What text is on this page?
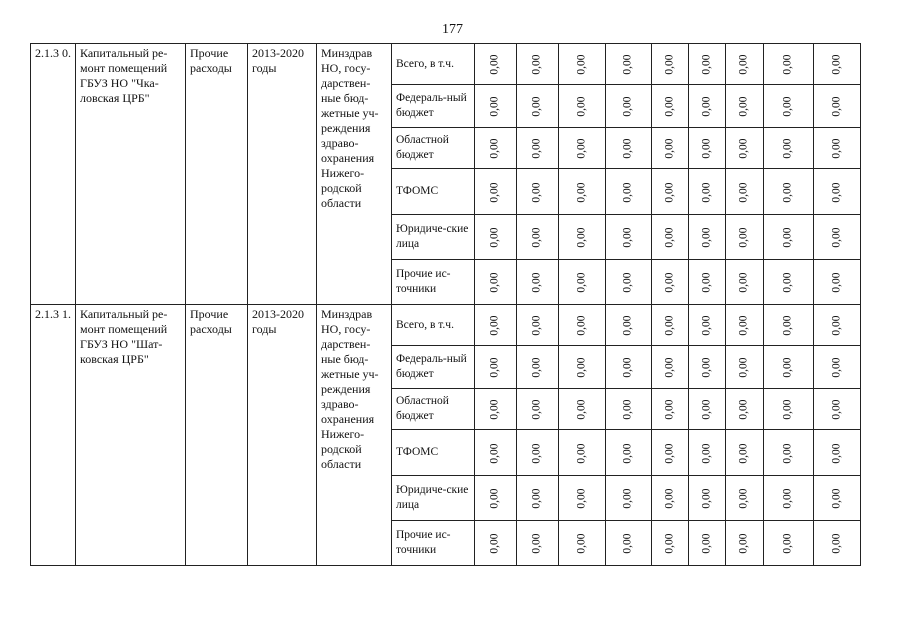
177
2.1.3 0.	Капитальный ре-монт помещений ГБУЗ НО "Чка-ловская ЦРБ"	Прочие расходы	2013-2020 годы	Минздрав НО, госу-дарствен-ные бюд-жетные уч-реждения здраво-охранения Нижего-родской области	Всего, в т.ч.	0,00	0,00	0,00	0,00	0,00	0,00	0,00	0,00	0,00
					Федераль-ный бюджет	0,00	0,00	0,00	0,00	0,00	0,00	0,00	0,00	0,00
					Областной бюджет	0,00	0,00	0,00	0,00	0,00	0,00	0,00	0,00	0,00
					ТФОМС	0,00	0,00	0,00	0,00	0,00	0,00	0,00	0,00	0,00
					Юридиче-ские лица	0,00	0,00	0,00	0,00	0,00	0,00	0,00	0,00	0,00
					Прочие ис-точники	0,00	0,00	0,00	0,00	0,00	0,00	0,00	0,00	0,00
2.1.3 1.	Капитальный ре-монт помещений ГБУЗ НО "Шат-ковская ЦРБ"	Прочие расходы	2013-2020 годы	Минздрав НО, госу-дарствен-ные бюд-жетные уч-реждения здраво-охранения Нижего-родской области	Всего, в т.ч.	0,00	0,00	0,00	0,00	0,00	0,00	0,00	0,00	0,00
					Федераль-ный бюджет	0,00	0,00	0,00	0,00	0,00	0,00	0,00	0,00	0,00
					Областной бюджет	0,00	0,00	0,00	0,00	0,00	0,00	0,00	0,00	0,00
					ТФОМС	0,00	0,00	0,00	0,00	0,00	0,00	0,00	0,00	0,00
					Юридиче-ские лица	0,00	0,00	0,00	0,00	0,00	0,00	0,00	0,00	0,00
					Прочие ис-точники	0,00	0,00	0,00	0,00	0,00	0,00	0,00	0,00	0,00
